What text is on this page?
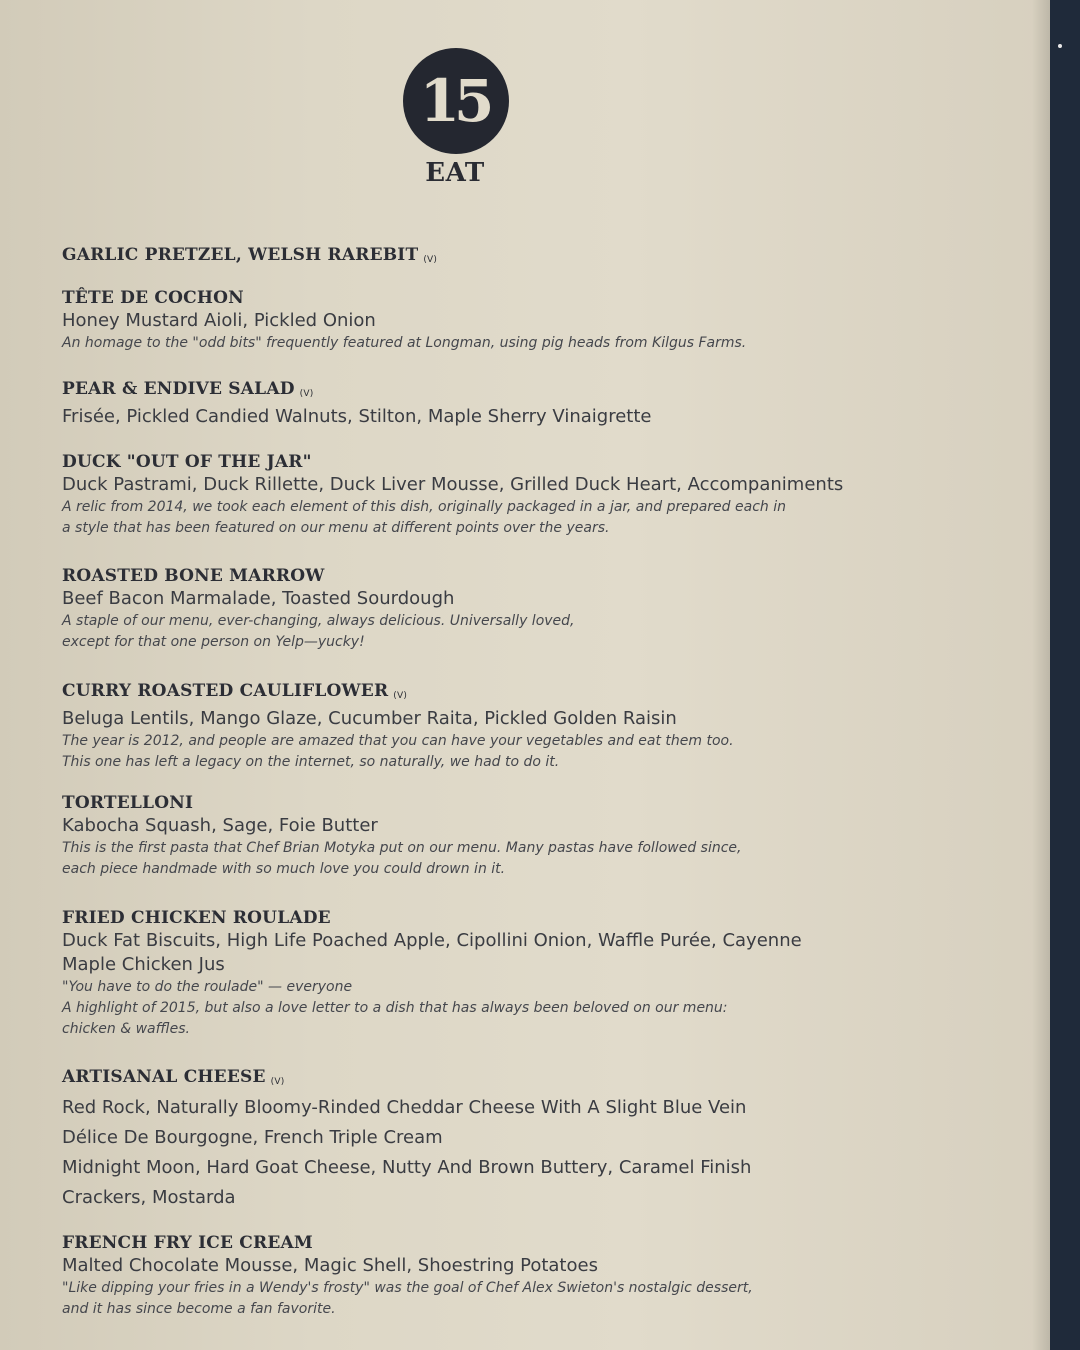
15
EAT
GARLIC PRETZEL, WELSH RAREBIT (V)
TÊTE DE COCHON
Honey Mustard Aioli, Pickled Onion
An homage to the "odd bits" frequently featured at Longman, using pig heads from Kilgus Farms.
PEAR & ENDIVE SALAD (V)
Frisée, Pickled Candied Walnuts, Stilton, Maple Sherry Vinaigrette
DUCK "OUT OF THE JAR"
Duck Pastrami, Duck Rillette, Duck Liver Mousse, Grilled Duck Heart, Accompaniments
A relic from 2014, we took each element of this dish, originally packaged in a jar, and prepared each in
a style that has been featured on our menu at different points over the years.
ROASTED BONE MARROW
Beef Bacon Marmalade, Toasted Sourdough
A staple of our menu, ever-changing, always delicious. Universally loved,
except for that one person on Yelp—yucky!
CURRY ROASTED CAULIFLOWER (V)
Beluga Lentils, Mango Glaze, Cucumber Raita, Pickled Golden Raisin
The year is 2012, and people are amazed that you can have your vegetables and eat them too.
This one has left a legacy on the internet, so naturally, we had to do it.
TORTELLONI
Kabocha Squash, Sage, Foie Butter
This is the first pasta that Chef Brian Motyka put on our menu. Many pastas have followed since,
each piece handmade with so much love you could drown in it.
FRIED CHICKEN ROULADE
Duck Fat Biscuits, High Life Poached Apple, Cipollini Onion, Waffle Purée, Cayenne
Maple Chicken Jus
"You have to do the roulade" — everyone
A highlight of 2015, but also a love letter to a dish that has always been beloved on our menu:
chicken & waffles.
ARTISANAL CHEESE (V)
Red Rock, Naturally Bloomy-Rinded Cheddar Cheese With A Slight Blue Vein
Délice De Bourgogne, French Triple Cream
Midnight Moon, Hard Goat Cheese, Nutty And Brown Buttery, Caramel Finish
Crackers, Mostarda
FRENCH FRY ICE CREAM
Malted Chocolate Mousse, Magic Shell, Shoestring Potatoes
"Like dipping your fries in a Wendy's frosty" was the goal of Chef Alex Swieton's nostalgic dessert,
and it has since become a fan favorite.
